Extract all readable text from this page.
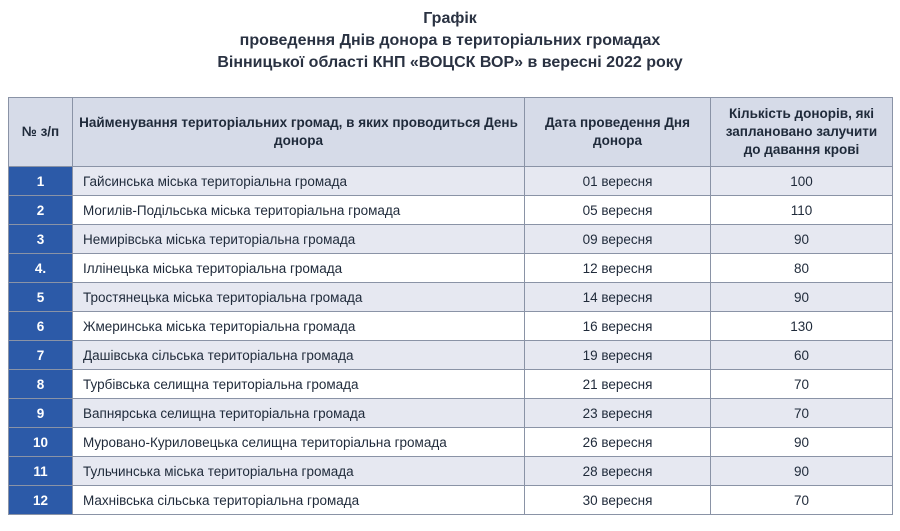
Графік
проведення Днів донора в територіальних громадах
Вінницької області КНП «ВОЦСК ВОР» в вересні 2022 року
№ з/п	Найменування територіальних громад, в яких проводиться День донора	Дата проведення Дня донора	Кількість донорів, які заплановано залучити до давання крові
1	Гайсинська міська територіальна громада	01 вересня	100
2	Могилів-Подільська міська територіальна громада	05 вересня	110
3	Немирівська міська територіальна громада	09 вересня	90
4.	Іллінецька міська територіальна громада	12 вересня	80
5	Тростянецька міська територіальна громада	14 вересня	90
6	Жмеринська міська територіальна громада	16 вересня	130
7	Дашівська сільська територіальна громада	19 вересня	60
8	Турбівська селищна територіальна громада	21 вересня	70
9	Вапнярська селищна територіальна громада	23 вересня	70
10	Муровано-Куриловецька селищна територіальна громада	26 вересня	90
11	Тульчинська міська територіальна громада	28 вересня	90
12	Махнівська сільська територіальна громада	30 вересня	70
